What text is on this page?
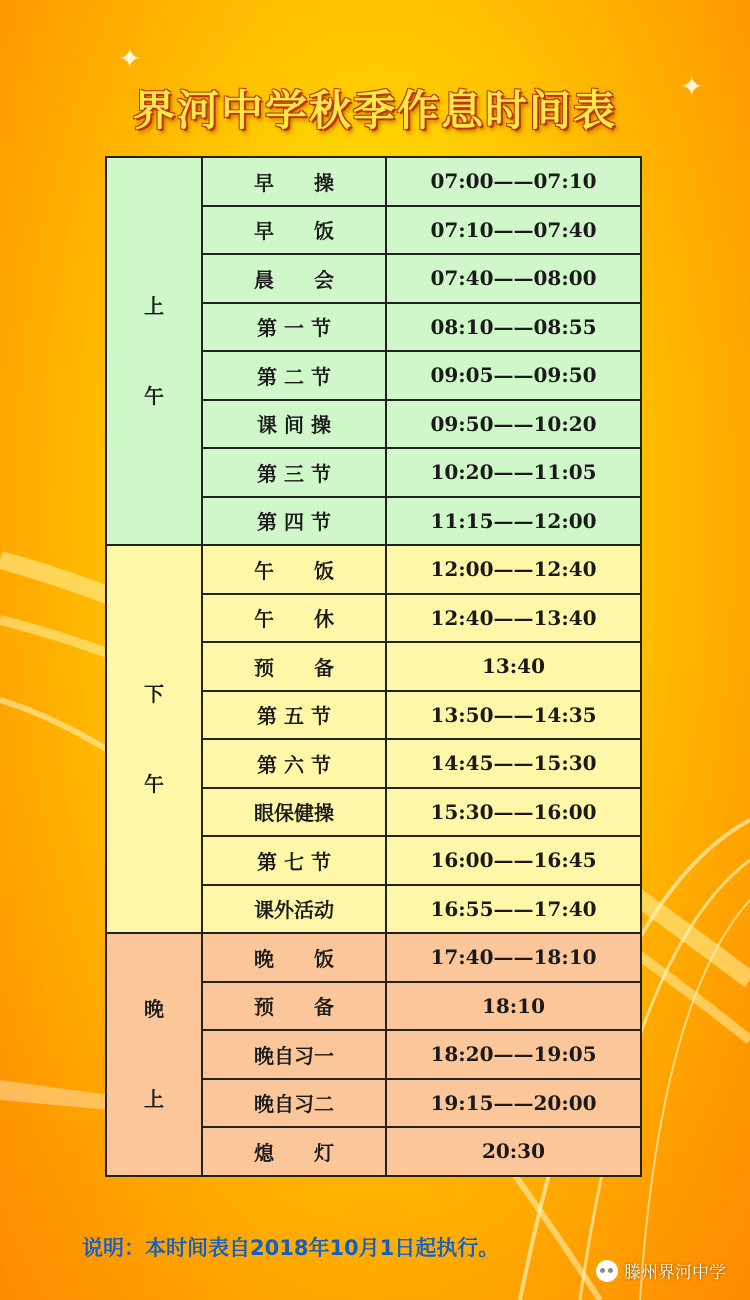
✦
✦
界河中学秋季作息时间表
上
午	早　　操	07:00——07:10
	早　　饭	07:10——07:40
	晨　　会	07:40——08:00
	第 一 节	08:10——08:55
	第 二 节	09:05——09:50
	课 间 操	09:50——10:20
	第 三 节	10:20——11:05
	第 四 节	11:15——12:00

下
午	午　　饭	12:00——12:40
	午　　休	12:40——13:40
	预　　备	13:40
	第 五 节	13:50——14:35
	第 六 节	14:45——15:30
	眼保健操	15:30——16:00
	第 七 节	16:00——16:45
	课外活动	16:55——17:40

晚
上	晚　　饭	17:40——18:10
	预　　备	18:10
	晚自习一	18:20——19:05
	晚自习二	19:15——20:00
	熄　　灯	20:30
说明：本时间表自2018年10月1日起执行。
滕州界河中学
